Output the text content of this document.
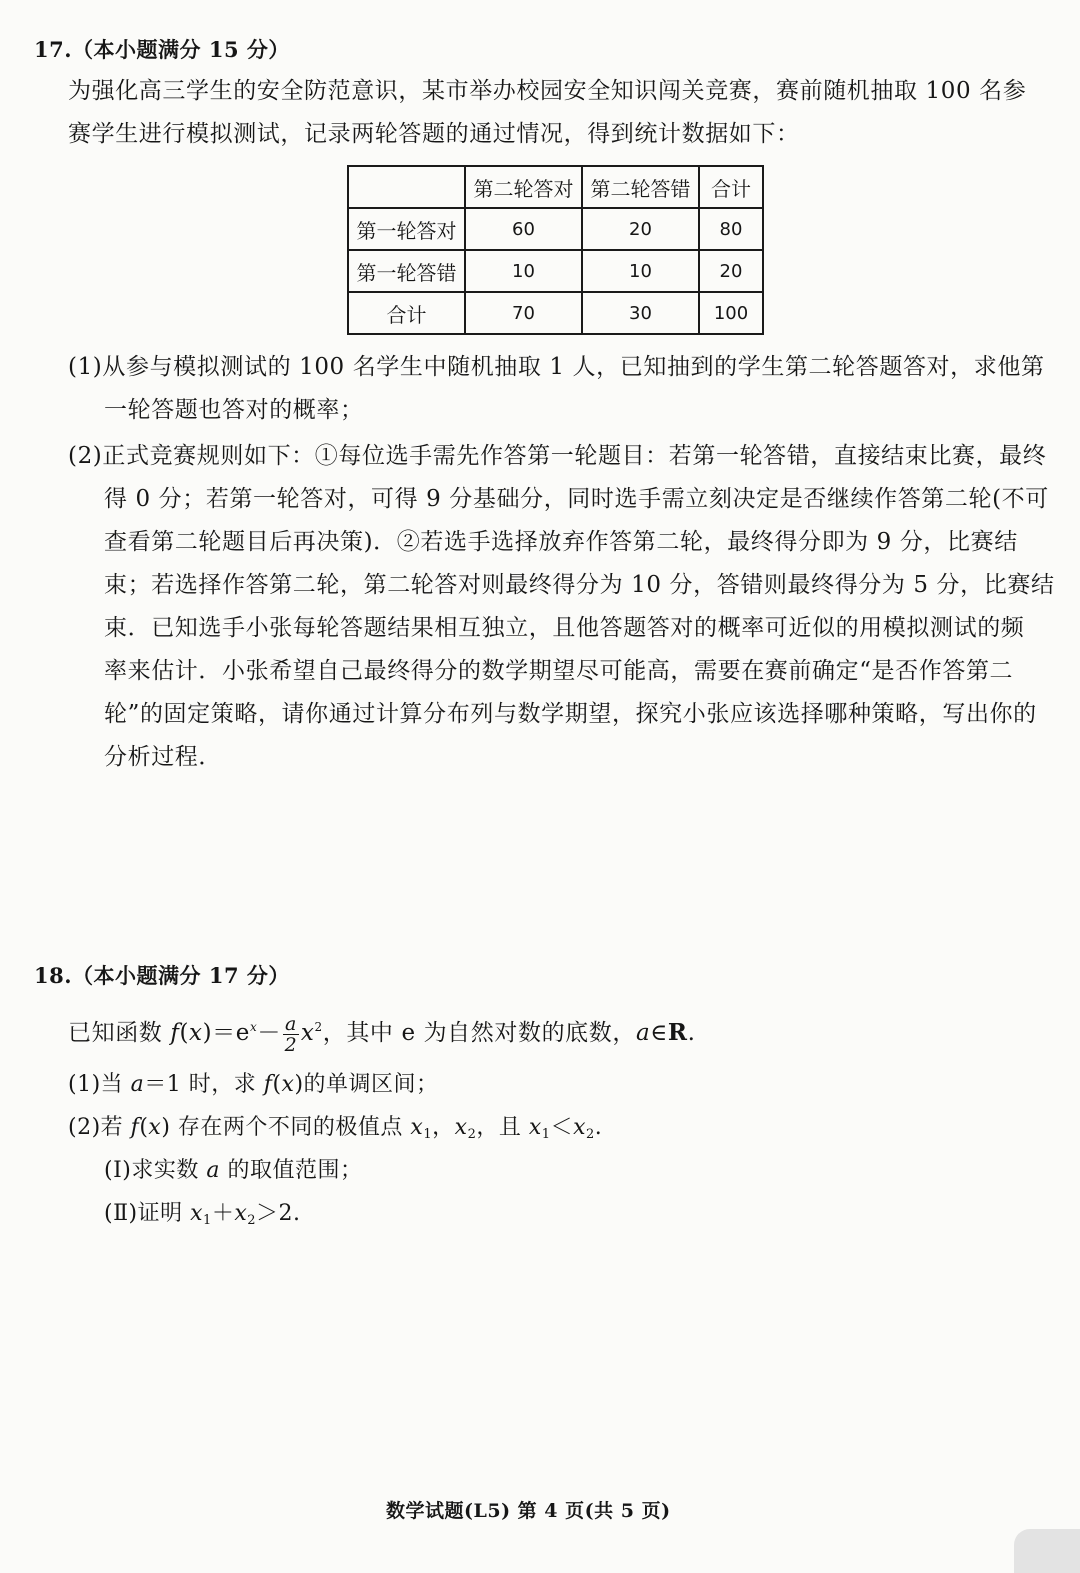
17.（本小题满分 15 分）
为强化高三学生的安全防范意识，某市举办校园安全知识闯关竞赛，赛前随机抽取 100 名参
赛学生进行模拟测试，记录两轮答题的通过情况，得到统计数据如下：
	第二轮答对	第二轮答错	合计
第一轮答对	60	20	80
第一轮答错	10	10	20
合计	70	30	100
(1)从参与模拟测试的 100 名学生中随机抽取 1 人，已知抽到的学生第二轮答题答对，求他第
一轮答题也答对的概率；
(2)正式竞赛规则如下：①每位选手需先作答第一轮题目：若第一轮答错，直接结束比赛，最终
得 0 分；若第一轮答对，可得 9 分基础分，同时选手需立刻决定是否继续作答第二轮(不可
查看第二轮题目后再决策)．②若选手选择放弃作答第二轮，最终得分即为 9 分，比赛结
束；若选择作答第二轮，第二轮答对则最终得分为 10 分，答错则最终得分为 5 分，比赛结
束．已知选手小张每轮答题结果相互独立，且他答题答对的概率可近似的用模拟测试的频
率来估计．小张希望自己最终得分的数学期望尽可能高，需要在赛前确定“是否作答第二
轮”的固定策略，请你通过计算分布列与数学期望，探究小张应该选择哪种策略，写出你的
分析过程．
18.（本小题满分 17 分）
已知函数 $f(x)=e^x- \frac{a}{2} x^2$，其中 e 为自然对数的底数，a∈R.
(1)当 a＝1 时，求 f(x)的单调区间；
(2)若 f(x) 存在两个不同的极值点 $x_1$，$x_2$，且 $x_1<x_2$.
(Ⅰ)求实数 a 的取值范围；
(Ⅱ)证明 $x_1+x_2>2$.
数学试题(L5) 第 4 页(共 5 页)
